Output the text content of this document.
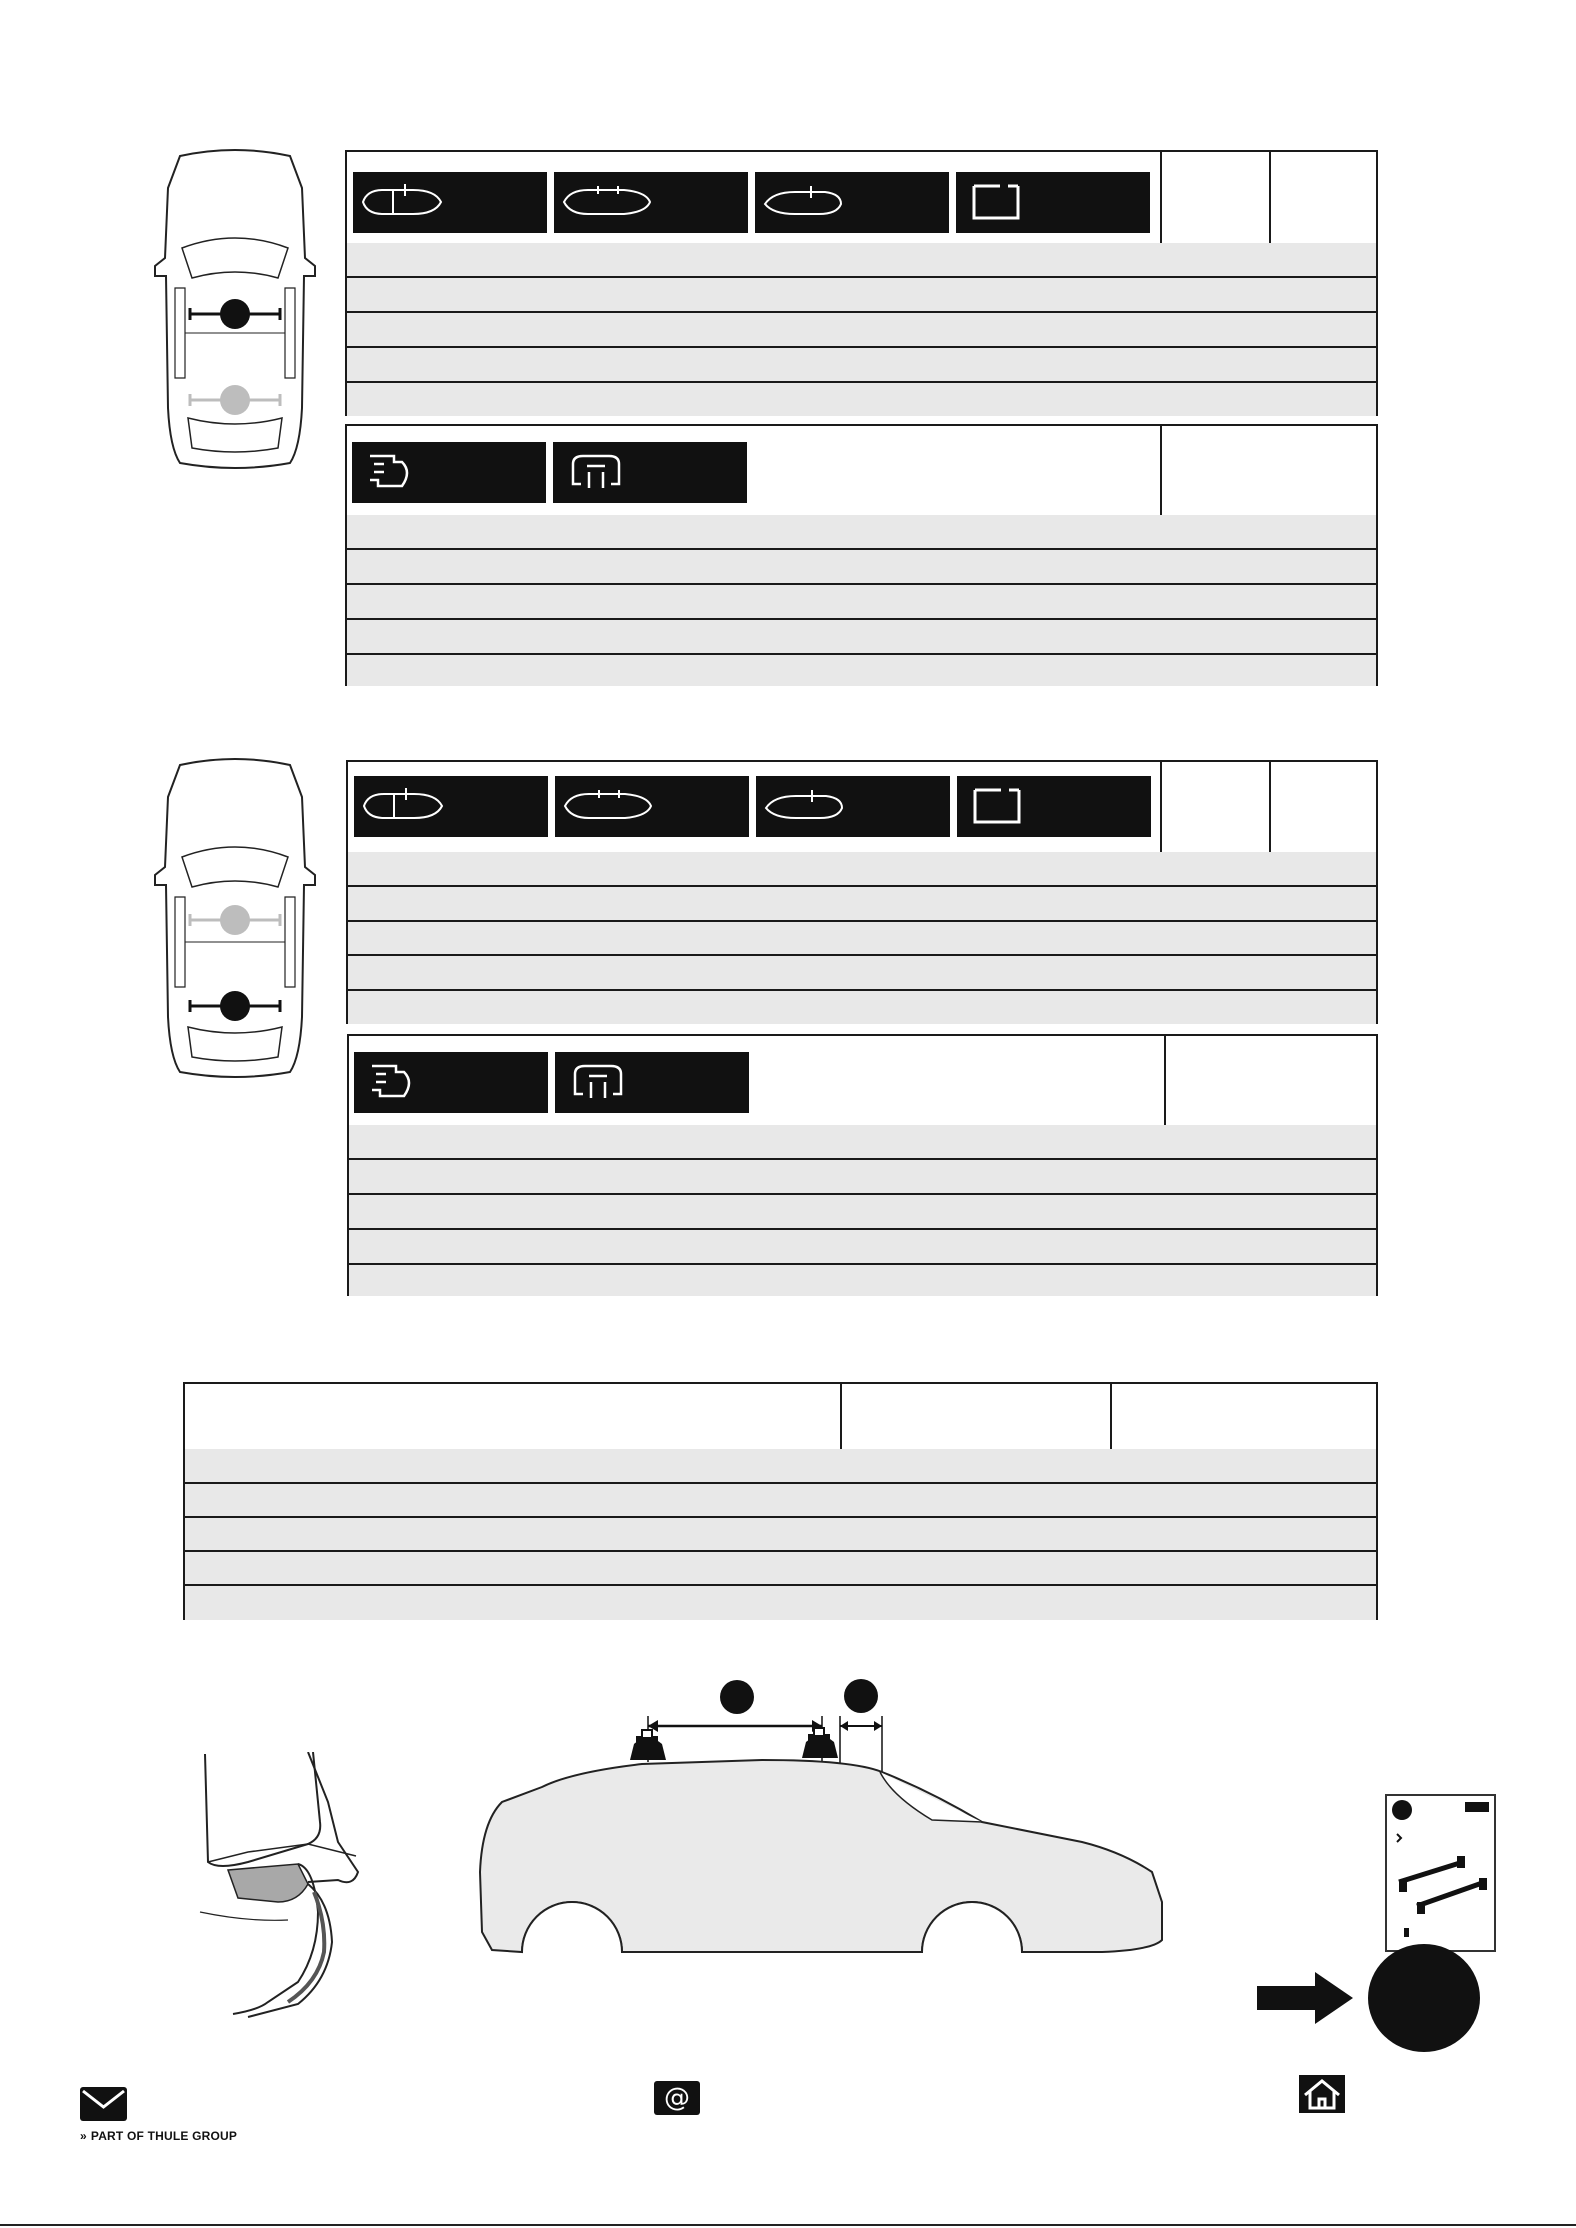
» PART OF THULE GROUP
@
